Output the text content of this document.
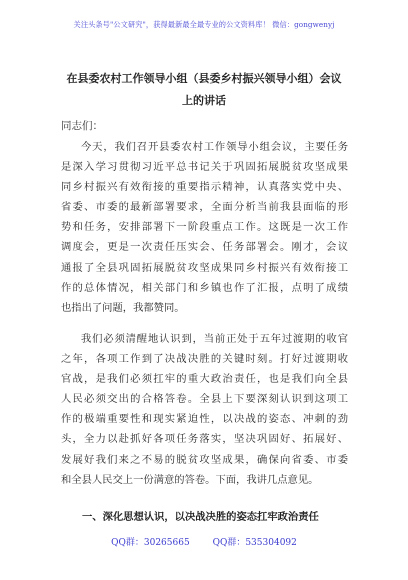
关注头条号"公文研究"，获得最新最全最专业的公文资料库！ 微信：gongwenyj
在县委农村工作领导小组（县委乡村振兴领导小组）会议
上的讲话
同志们：
今天，我们召开县委农村工作领导小组会议，主要任务
是深入学习贯彻习近平总书记关于巩固拓展脱贫攻坚成果
同乡村振兴有效衔接的重要指示精神，认真落实党中央、
省委、市委的最新部署要求，全面分析当前我县面临的形
势和任务，安排部署下一阶段重点工作。这既是一次工作
调度会，更是一次责任压实会、任务部署会。刚才，会议
通报了全县巩固拓展脱贫攻坚成果同乡村振兴有效衔接工
作的总体情况，相关部门和乡镇也作了汇报，点明了成绩
也指出了问题，我都赞同。
我们必须清醒地认识到，当前正处于五年过渡期的收官
之年，各项工作到了决战决胜的关键时刻。打好过渡期收
官战，是我们必须扛牢的重大政治责任，也是我们向全县
人民必须交出的合格答卷。全县上下要深刻认识到这项工
作的极端重要性和现实紧迫性，以决战的姿态、冲刺的劲
头，全力以赴抓好各项任务落实，坚决巩固好、拓展好、
发展好我们来之不易的脱贫攻坚成果，确保向省委、市委
和全县人民交上一份满意的答卷。下面，我讲几点意见。
一、深化思想认识，以决战决胜的姿态扛牢政治责任
QQ群：30265665	QQ群：535304092
